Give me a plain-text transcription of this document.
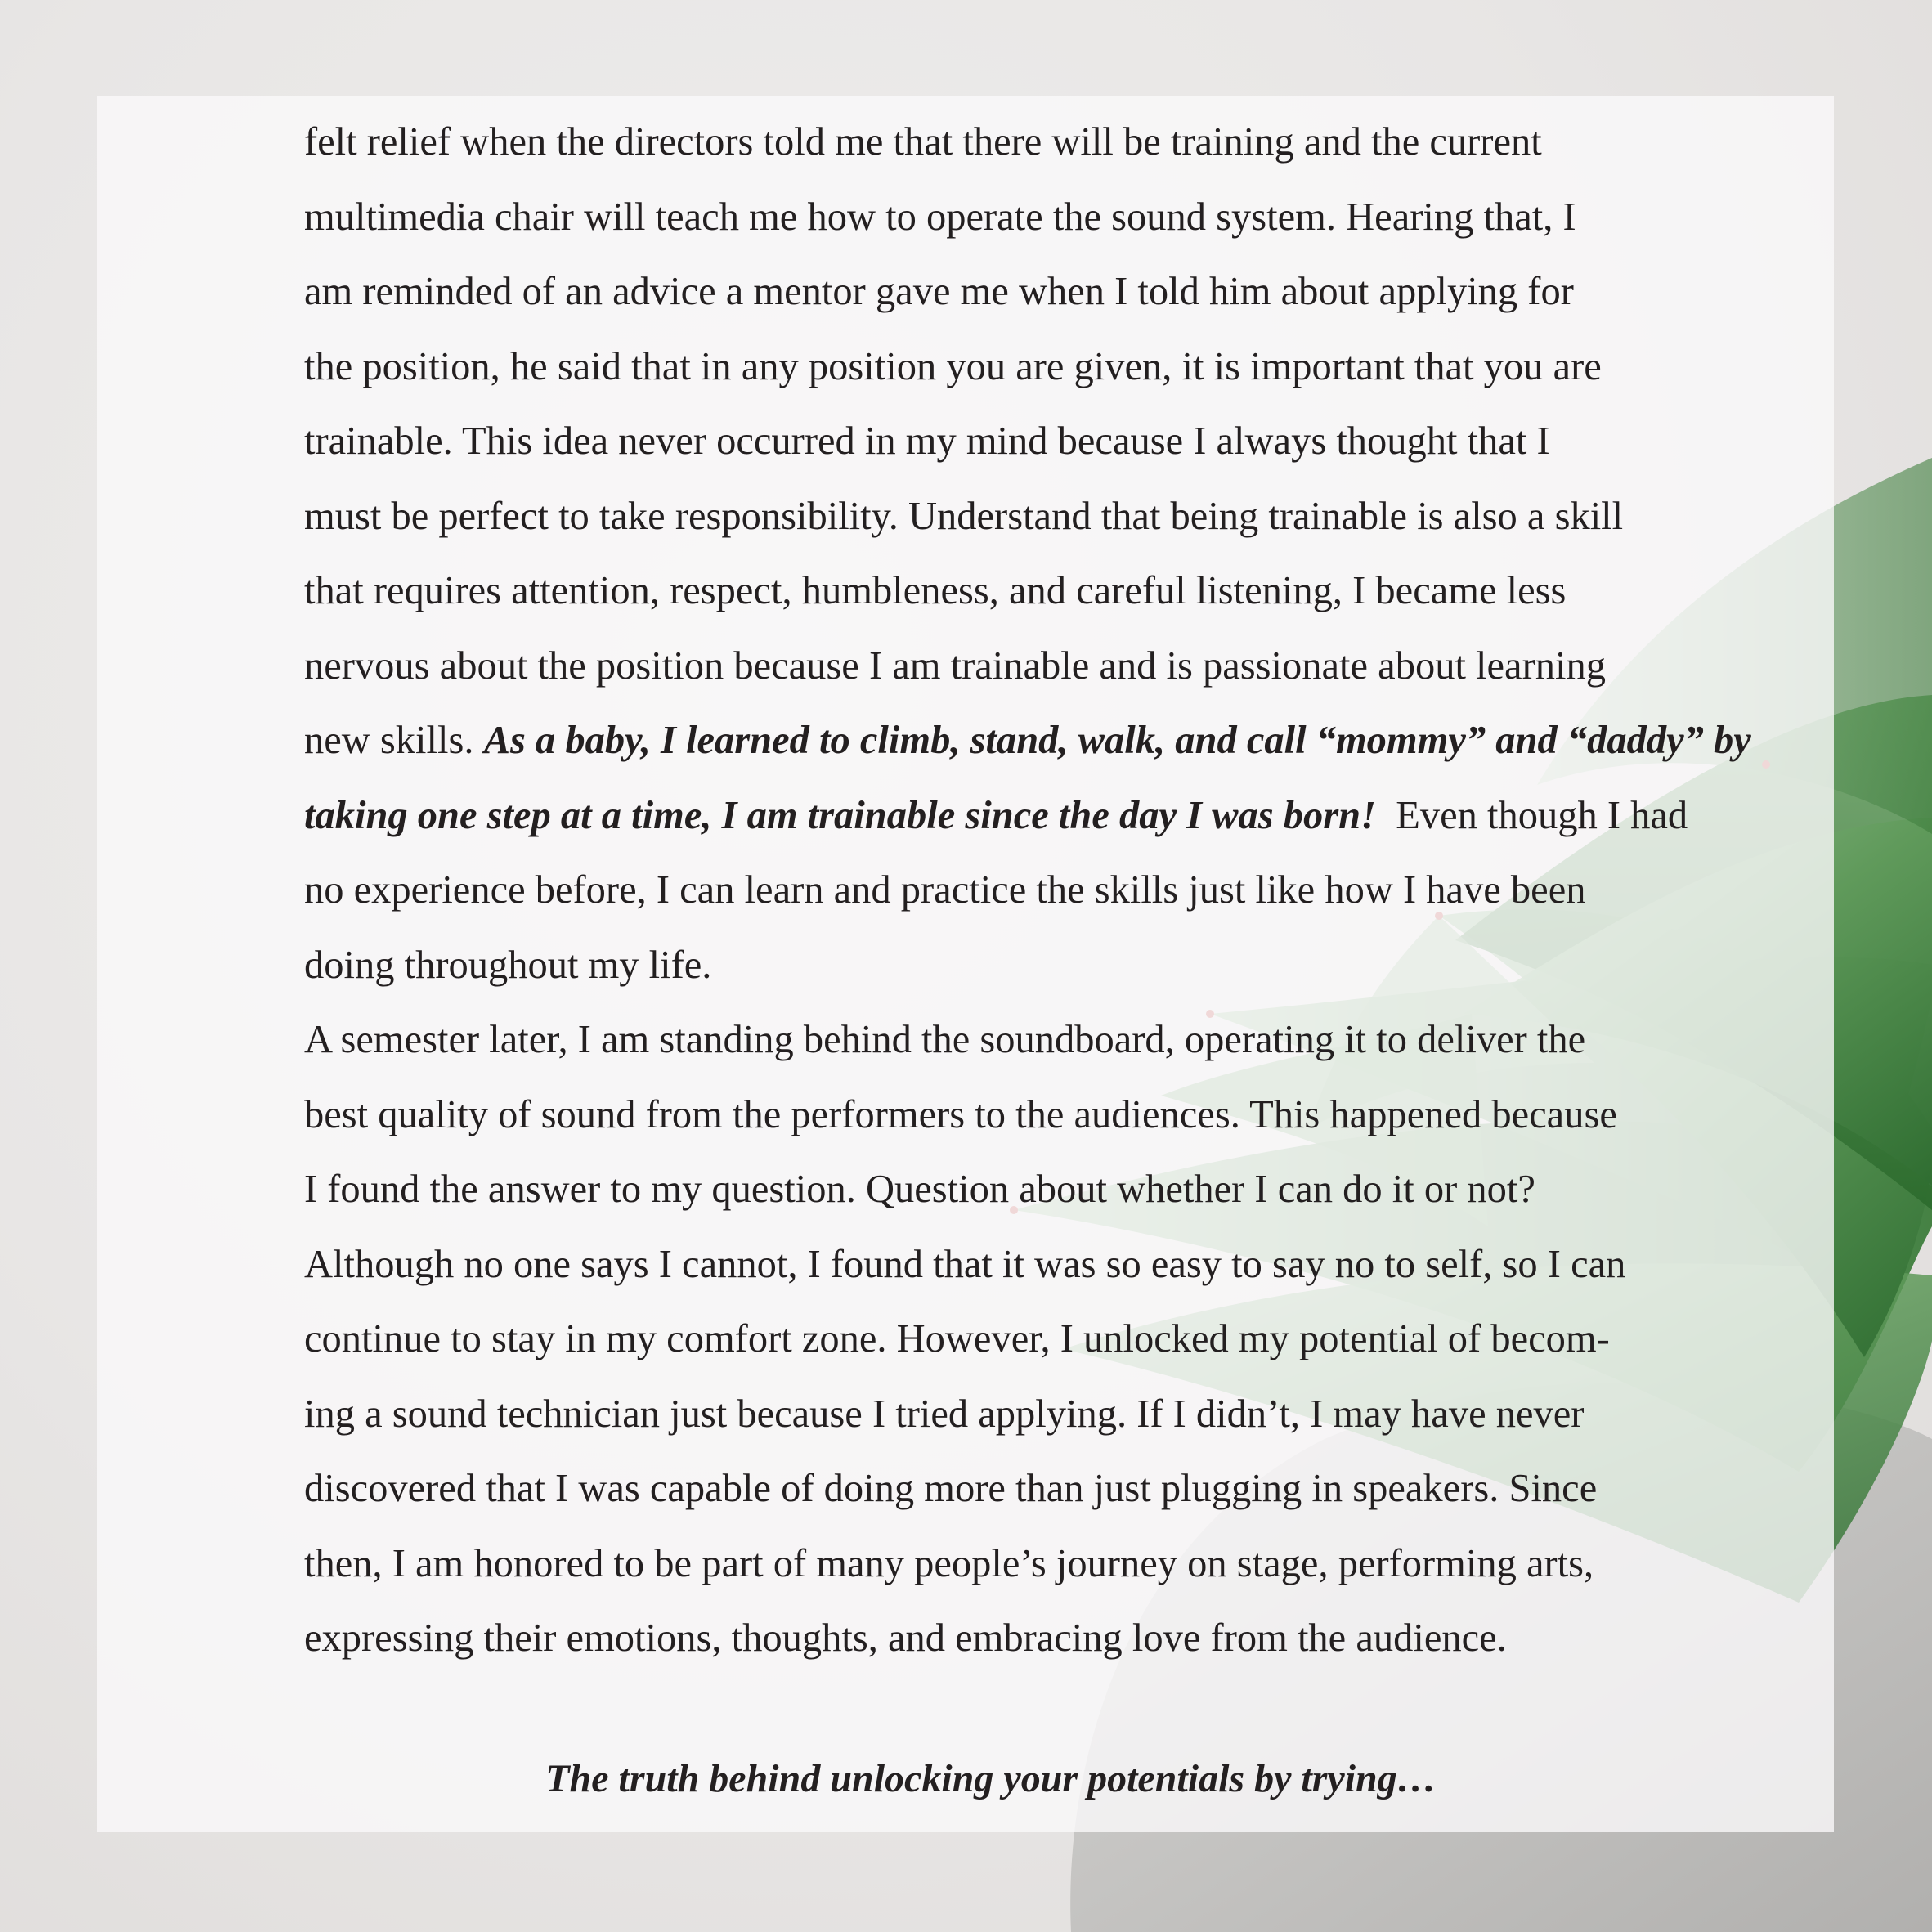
felt relief when the directors told me that there will be training and the current
multimedia chair will teach me how to operate the sound system. Hearing that, I
am reminded of an advice a mentor gave me when I told him about applying for
the position, he said that in any position you are given, it is important that you are
trainable. This idea never occurred in my mind because I always thought that I
must be perfect to take responsibility. Understand that being trainable is also a skill
that requires attention, respect, humbleness, and careful listening, I became less
nervous about the position because I am trainable and is passionate about learning
new skills. As a baby, I learned to climb, stand, walk, and call “mommy” and “daddy” by
taking one step at a time, I am trainable since the day I was born!  Even though I had
no experience before, I can learn and practice the skills just like how I have been
doing throughout my life.
A semester later, I am standing behind the soundboard, operating it to deliver the
best quality of sound from the performers to the audiences. This happened because
I found the answer to my question. Question about whether I can do it or not?
Although no one says I cannot, I found that it was so easy to say no to self, so I can
continue to stay in my comfort zone. However, I unlocked my potential of becom-
ing a sound technician just because I tried applying. If I didn’t, I may have never
discovered that I was capable of doing more than just plugging in speakers. Since
then, I am honored to be part of many people’s journey on stage, performing arts,
expressing their emotions, thoughts, and embracing love from the audience.
The truth behind unlocking your potentials by trying…
